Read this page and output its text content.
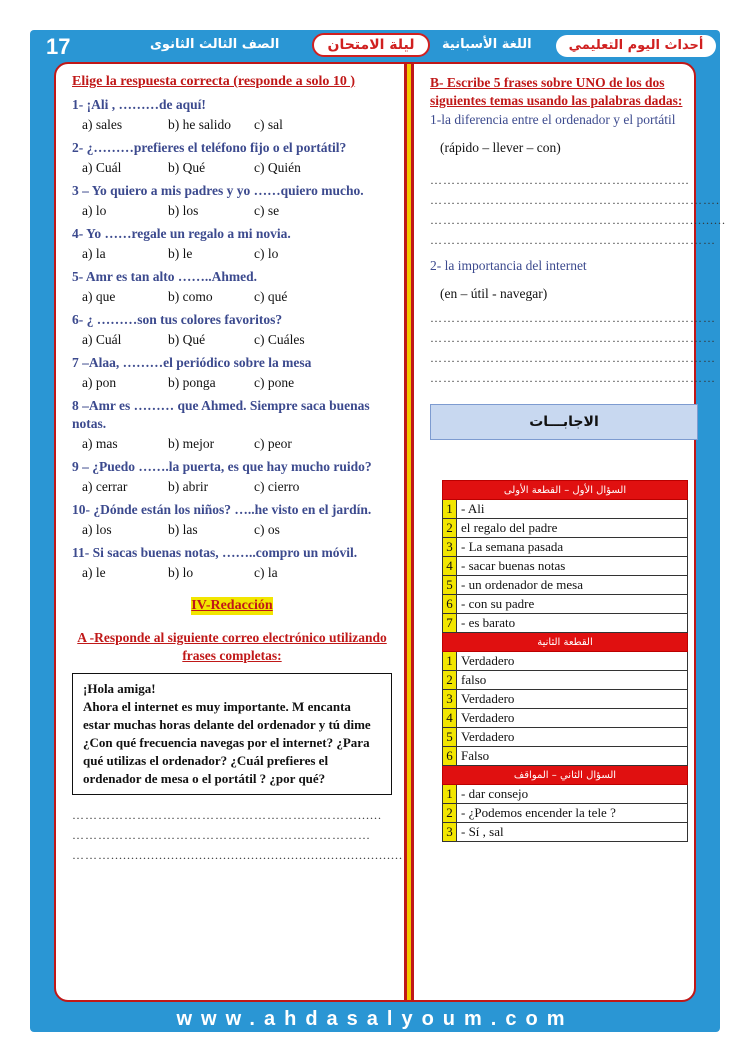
17	الصف الثالث الثانوى	ليلة الامتحان	اللغة الأسبانية	أحداث اليوم التعليمي
Elige la respuesta correcta (responde a solo 10 )
1- ¡Ali , ………de aquí!
a) sales	b) he salido	c) sal
2- ¿………prefieres el teléfono fijo o el portátil?
a) Cuál	b) Qué	c) Quién
3 – Yo quiero a mis padres y yo ……quiero mucho.
a) lo	b) los	c) se
4- Yo ……regale un regalo a mi novia.
a) la	b) le	c) lo
5- Amr es tan alto ……..Ahmed.
a) que	b) como	c) qué
6- ¿ ………son tus colores favoritos?
a) Cuál	b) Qué	c) Cuáles
7 –Alaa, ………el periódico sobre la mesa
a) pon	b) ponga	c) pone
8 –Amr es ……… que Ahmed. Siempre saca buenas notas.
a) mas	b) mejor	c) peor
9 – ¿Puedo …….la puerta, es que hay mucho ruido?
a) cerrar	b) abrir	c) cierro
10- ¿Dónde están los niños? …..he visto en el jardín.
a) los	b) las	c) os
11- Si sacas buenas notas, ……..compro un móvil.
a) le	b) lo	c) la
IV-Redacción
A -Responde al siguiente correo electrónico utilizando frases completas:
¡Hola amiga!
Ahora el internet es muy importante. M encanta estar muchas horas delante del ordenador y tú dime ¿Con qué frecuencia navegas por el internet? ¿Para qué utilizas el ordenador? ¿Cuál prefieres el ordenador de mesa o el portátil ? ¿por qué?
…………………………………………………………......
……………………………………………………………
……….........................................................................
B- Escribe 5 frases sobre UNO de los dos siguientes temas usando las palabras dadas:
1-la diferencia entre el ordenador y el portátil
(rápido – llever – con)
……………………………………………………
………………………………………………………….
…………………………………………………….........
…………………………………………………………
2- la importancia del internet
(en – útil - navegar)
…………………………………………………………
…………………………………………………………
…………………………………………………………
…………………………………………………………
الاجابـــات
السؤال الأول – القطعة الأولى	
1	- Ali
2	el regalo del padre
3	- La semana pasada
4	- sacar buenas notas
5	- un ordenador de mesa
6	- con su padre
7	- es barato
القطعة الثانية	
1	Verdadero
2	falso
3	Verdadero
4	Verdadero
5	Verdadero
6	Falso
السؤال الثاني – المواقف	
1	- dar consejo
2	- ¿Podemos encender la tele ?
3	- Sí , sal
www.ahdasalyoum.com
